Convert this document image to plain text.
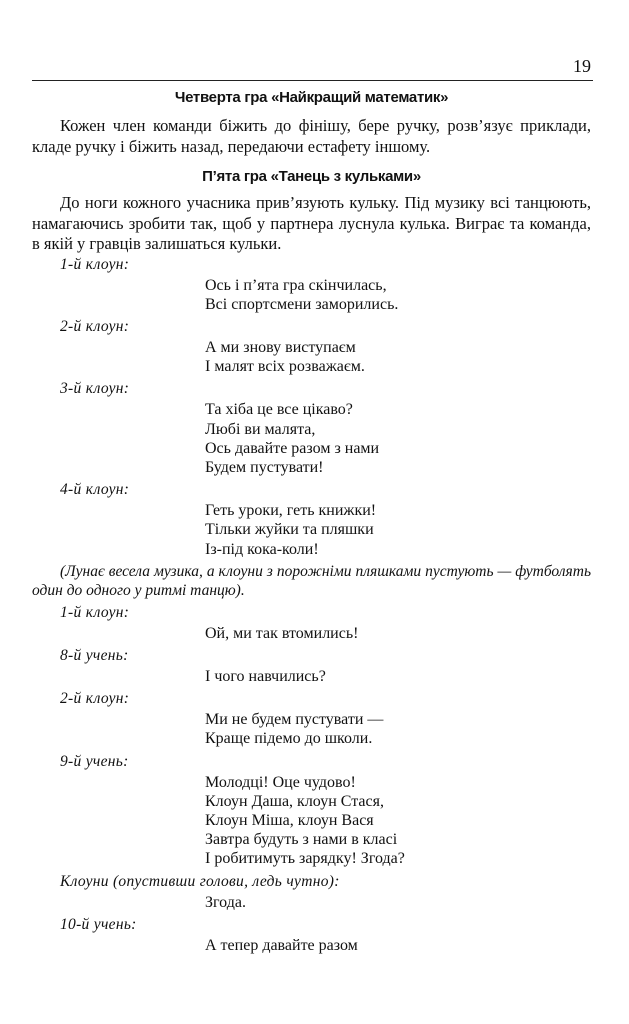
19
Четверта гра «Найкращий математик»

Кожен член команди біжить до фінішу, бере ручку, розв’язує приклади, кладе ручку і біжить назад, передаючи естафету іншому.

П’ята гра «Танець з кульками»

До ноги кожного учасника прив’язують кульку. Під музику всі танцюють, намагаючись зробити так, щоб у партнера луснула кулька. Виграє та команда, в якій у гравців залишаться кульки.

1-й клоун:
Ось і п’ята гра скінчилась,
Всі спортсмени заморились.
2-й клоун:
А ми знову виступаєм
І малят всіх розважаєм.
3-й клоун:
Та хіба це все цікаво?
Любі ви малята,
Ось давайте разом з нами
Будем пустувати!
4-й клоун:
Геть уроки, геть книжки!
Тільки жуйки та пляшки
Із-під кока-коли!

(Лунає весела музика, а клоуни з порожніми пляшками пустують — футболять один до одного у ритмі танцю).

1-й клоун:
Ой, ми так втомились!
8-й учень:
І чого навчились?
2-й клоун:
Ми не будем пустувати —
Краще підемо до школи.
9-й учень:
Молодці! Оце чудово!
Клоун Даша, клоун Стася,
Клоун Міша, клоун Вася
Завтра будуть з нами в класі
І робитимуть зарядку! Згода?
Клоуни (опустивши голови, ледь чутно):
Згода.
10-й учень:
А тепер давайте разом
